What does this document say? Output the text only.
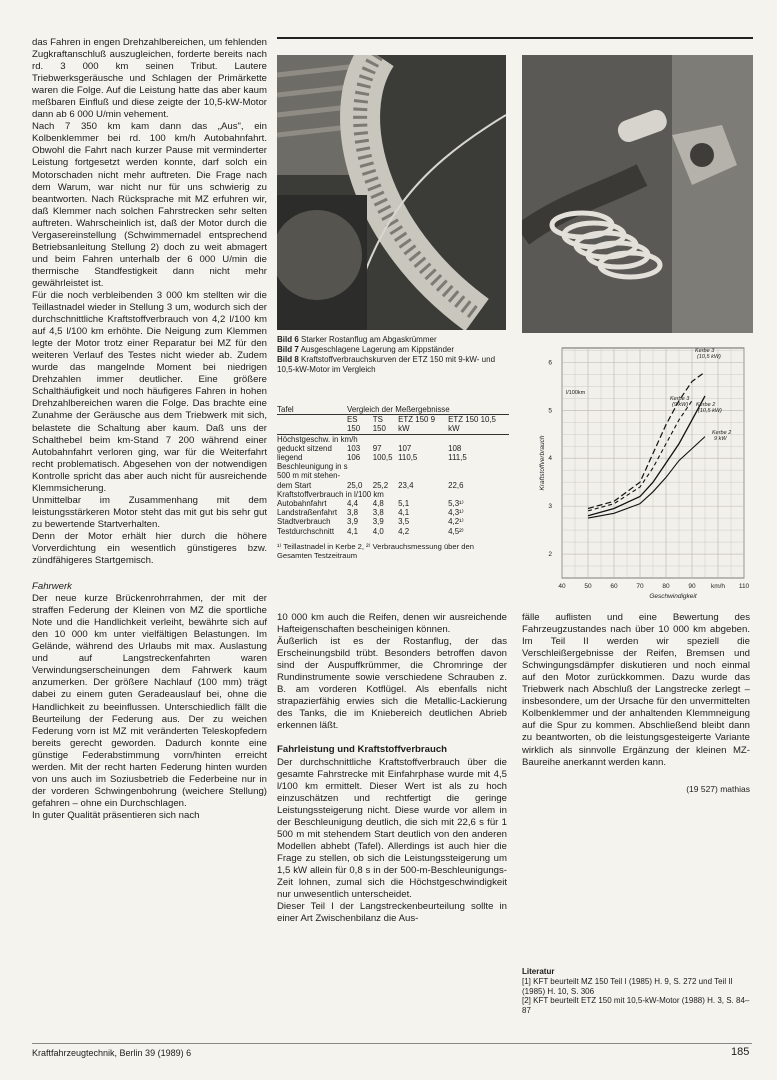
das Fahren in engen Drehzahlbereichen, um fehlenden Zugkraftanschluß auszugleichen, forderte bereits nach rd. 3 000 km seinen Tribut. Lautere Triebwerksgeräusche und Schlagen der Primärkette waren die Folge. Auf die Leistung hatte das aber kaum meßbaren Einfluß und diese zeigte der 10,5-kW-Motor dann ab 6 000 U/min vehement.

Nach 7 350 km kam dann das „Aus", ein Kolbenklemmer bei rd. 100 km/h Autobahnfahrt. Obwohl die Fahrt nach kurzer Pause mit verminderter Leistung fortgesetzt werden konnte, darf solch ein Motorschaden nicht mehr auftreten. Die Frage nach dem Warum, war nicht nur für uns schwierig zu beantworten. Nach Rücksprache mit MZ erfuhren wir, daß Klemmer nach solchen Fahrstrecken sehr selten auftreten. Wahrscheinlich ist, daß der Motor durch die Vergasereinstellung (Schwimmernadel entsprechend Betriebsanleitung Stellung 2) doch zu weit abmagert und beim Fahren unterhalb der 6 000 U/min die thermische Standfestigkeit dann nicht mehr gewährleistet ist.

Für die noch verbleibenden 3 000 km stellten wir die Teillastnadel wieder in Stellung 3 um, wodurch sich der durchschnittliche Kraftstoffverbrauch von 4,2 l/100 km auf 4,5 l/100 km erhöhte. Die Neigung zum Klemmen legte der Motor trotz einer Reparatur bei MZ für den weiteren Verlauf des Testes nicht wieder ab. Zudem wurde das mangelnde Moment bei niedrigen Drehzahlen immer deutlicher. Eine größere Schalthäufigkeit und noch häufigeres Fahren in hohen Drehzahlbereichen waren die Folge. Das brachte eine Zunahme der Geräusche aus dem Triebwerk mit sich, belastete die Schaltung aber kaum. Daß uns der Schalthebel beim km-Stand 7 200 während einer Autobahnfahrt verloren ging, war für die Weiterfahrt recht problematisch. Abgesehen von der notwendigen Kontrolle spricht das aber auch nicht für ausreichende Klemmsicherung.

Unmittelbar im Zusammenhang mit dem leistungsstärkeren Motor steht das mit gut bis sehr gut zu bewertende Startverhalten.

Denn der Motor erhält hier durch die höhere Vorverdichtung ein wesentlich günstigeres bzw. zündfähigeres Startgemisch.

Fahrwerk

Der neue kurze Brückenrohrrahmen, der mit der straffen Federung der Kleinen von MZ die sportliche Note und die Handlichkeit verleiht, bewährte sich auf den 10 000 km unter vielfältigen Belastungen. Im Gelände, während des Urlaubs mit max. Auslastung und auf Langstreckenfahrten waren Verwindungserscheinungen dem Fahrwerk kaum anzumerken. Der größere Nachlauf (100 mm) trägt dabei zu einem guten Geradeauslauf bei, ohne die Handlichkeit zu beeinflussen. Unterschiedlich fällt die Beurteilung der Federung aus. Der zu weichen Federung vorn ist MZ mit veränderten Teleskopfedern bereits gerecht geworden. Dadurch konnte eine günstige Federabstimmung vorn/hinten erreicht werden. Mit der recht harten Federung hinten wurden von uns auch im Soziusbetrieb die Federbeine nur in der vorderen Schwingenbohrung (weichere Stellung) gefahren – ohne ein Durchschlagen.

In guter Qualität präsentieren sich nach

Bild 6 Starker Rostanflug am Abgaskrümmer
Bild 7 Ausgeschlagene Lagerung am Kippständer
Bild 8 Kraftstoffverbrauchskurven der ETZ 150 mit 9-kW- und 10,5-kW-Motor im Vergleich
Tafel	Vergleich der Meßergebnisse			
	ES 150	TS 150	ETZ 150 9 kW	ETZ 150 10,5 kW
Höchstgeschw. in km/h				
geduckt sitzend	103	97	107	108
liegend	106	100,5	110,5	111,5
Beschleunigung in s				
500 m mit stehen-				
dem Start	25,0	25,2	23,4	22,6
Kraftstoffverbrauch in l/100 km				
Autobahnfahrt	4,4	4,8	5,1	5,3¹⁾
Landstraßenfahrt	3,8	3,8	4,1	4,3¹⁾
Stadtverbrauch	3,9	3,9	3,5	4,2¹⁾
Testdurchschnitt	4,1	4,0	4,2	4,5²⁾
¹⁾ Teillastnadel in Kerbe 2, ²⁾ Verbrauchsmessung über den Gesamten Testzeitraum
40	50	60	70	80	90 km/h 110
2
3
4
5
6
Geschwindigkeit
Kraftstoffverbrauch
l/100km
Kerbe 3
(10,5 kW)
Kerbe 3
(9 kW) Kerbe 2
(10,5 kW)
Kerbe 2
9 kW

10 000 km auch die Reifen, denen wir ausreichende Hafteigenschaften bescheinigen können.

Äußerlich ist es der Rostanflug, der das Erscheinungsbild trübt. Besonders betroffen davon sind der Auspuffkrümmer, die Chromringe der Rundinstrumente sowie verschiedene Schrauben z. B. am vorderen Kotflügel. Als ebenfalls nicht strapazierfähig erwies sich die Metallic-Lackierung des Tanks, die im Kniebereich deutlichen Abrieb erkennen läßt.

Fahrleistung und Kraftstoffverbrauch

Der durchschnittliche Kraftstoffverbrauch über die gesamte Fahrstrecke mit Einfahrphase wurde mit 4,5 l/100 km ermittelt. Dieser Wert ist als zu hoch einzuschätzen und rechtfertigt die geringe Leistungssteigerung nicht. Diese wurde vor allem in der Beschleunigung deutlich, die sich mit 22,6 s für 1 500 m mit stehendem Start deutlich von den anderen Modellen abhebt (Tafel). Allerdings ist auch hier die Frage zu stellen, ob sich die Leistungssteigerung um 1,5 kW allein für 0,8 s in der 500-m-Beschleunigungs-Zeit lohnen, zumal sich die Höchstgeschwindigkeit nur unwesentlich unterscheidet.

Dieser Teil I der Langstreckenbeurteilung sollte in einer Art Zwischenbilanz die Aus-

fälle auflisten und eine Bewertung des Fahrzeugzustandes nach über 10 000 km abgeben. Im Teil II werden wir speziell die Verschleißergebnisse der Reifen, Bremsen und Schwingungsdämpfer diskutieren und noch einmal auf den Motor zurückkommen. Dazu wurde das Triebwerk nach Abschluß der Langstrecke zerlegt – insbesondere, um der Ursache für den unvermittelten Kolbenklemmer und der anhaltenden Klemmneigung auf die Spur zu kommen. Abschließend bleibt dann zu beantworten, ob die leistungsgesteigerte Variante wirklich als sinnvolle Ergänzung der kleinen MZ-Baureihe anerkannt werden kann.

(19 527) mathias

Literatur
[1] KFT beurteilt MZ 150 Teil I (1985) H. 9, S. 272 und Teil II (1985) H. 10, S. 306
[2] KFT beurteilt ETZ 150 mit 10,5-kW-Motor (1988) H. 3, S. 84–87
Kraftfahrzeugtechnik, Berlin 39 (1989) 6	185
